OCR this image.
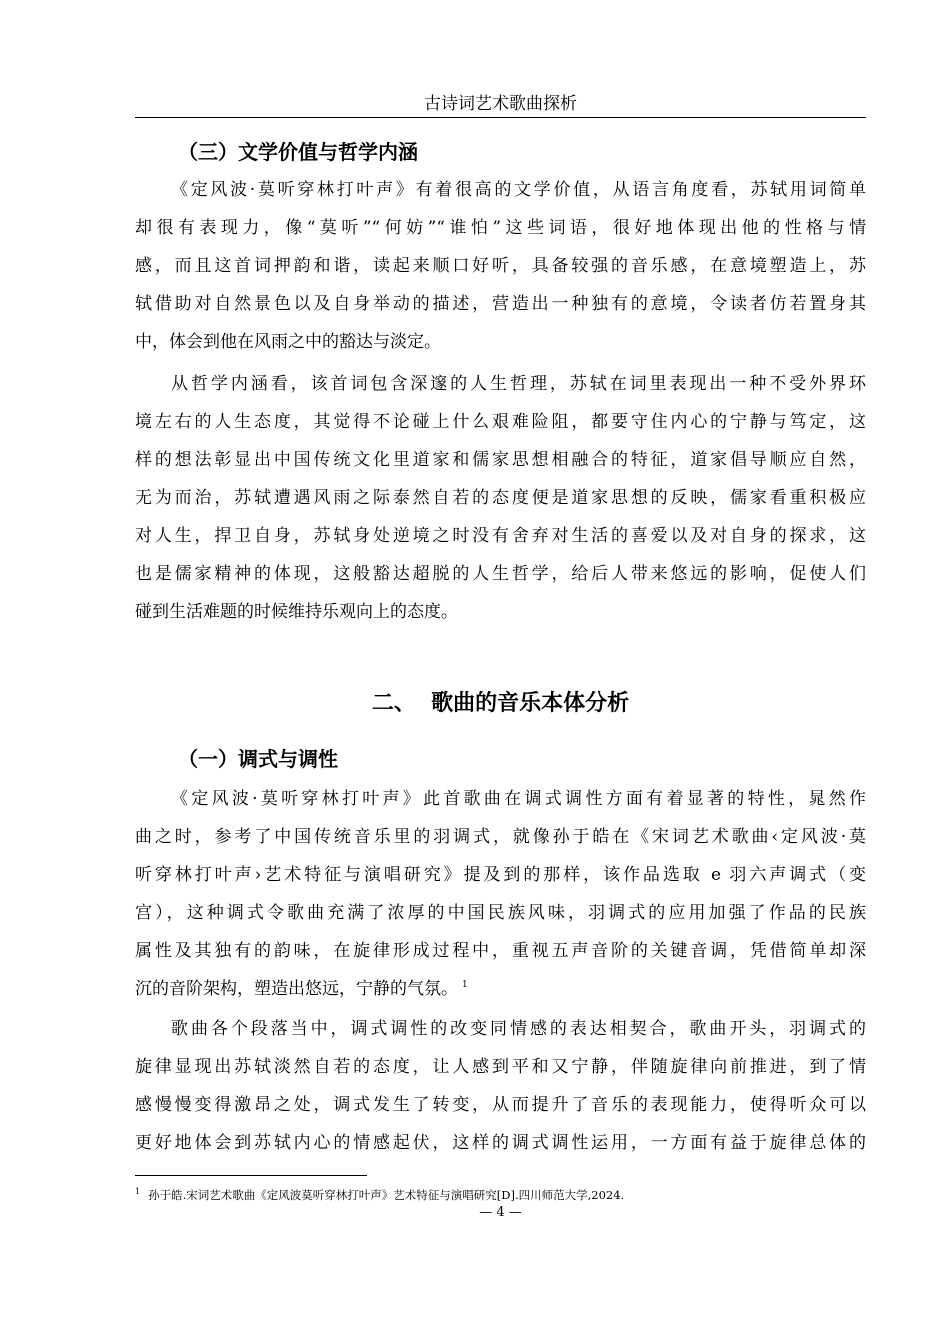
古诗词艺术歌曲探析
（三）文学价值与哲学内涵
《定风波·莫听穿林打叶声》有着很高的文学价值，从语言角度看，苏轼用词简单
却很有表现力，像“莫听”“何妨”“谁怕”这些词语，很好地体现出他的性格与情
感，而且这首词押韵和谐，读起来顺口好听，具备较强的音乐感，在意境塑造上，苏
轼借助对自然景色以及自身举动的描述，营造出一种独有的意境，令读者仿若置身其
中，体会到他在风雨之中的豁达与淡定。
从哲学内涵看，该首词包含深邃的人生哲理，苏轼在词里表现出一种不受外界环
境左右的人生态度，其觉得不论碰上什么艰难险阻，都要守住内心的宁静与笃定，这
样的想法彰显出中国传统文化里道家和儒家思想相融合的特征，道家倡导顺应自然，
无为而治，苏轼遭遇风雨之际泰然自若的态度便是道家思想的反映，儒家看重积极应
对人生，捍卫自身，苏轼身处逆境之时没有舍弃对生活的喜爱以及对自身的探求，这
也是儒家精神的体现，这般豁达超脱的人生哲学，给后人带来悠远的影响，促使人们
碰到生活难题的时候维持乐观向上的态度。
二、  歌曲的音乐本体分析
（一）调式与调性
《定风波·莫听穿林打叶声》此首歌曲在调式调性方面有着显著的特性，晁然作
曲之时，参考了中国传统音乐里的羽调式，就像孙于皓在《宋词艺术歌曲‹定风波·莫
听穿林打叶声›艺术特征与演唱研究》提及到的那样，该作品选取 e 羽六声调式（变
宫），这种调式令歌曲充满了浓厚的中国民族风味，羽调式的应用加强了作品的民族
属性及其独有的韵味，在旋律形成过程中，重视五声音阶的关键音调，凭借简单却深
沉的音阶架构，塑造出悠远，宁静的气氛。 $^1$
歌曲各个段落当中，调式调性的改变同情感的表达相契合，歌曲开头，羽调式的
旋律显现出苏轼淡然自若的态度，让人感到平和又宁静，伴随旋律向前推进，到了情
感慢慢变得激昂之处，调式发生了转变，从而提升了音乐的表现能力，使得听众可以
更好地体会到苏轼内心的情感起伏，这样的调式调性运用，一方面有益于旋律总体的
$^1$ 孙于皓.宋词艺术歌曲《定风波莫听穿林打叶声》艺术特征与演唱研究[D].四川师范大学,2024.
— 4 —
